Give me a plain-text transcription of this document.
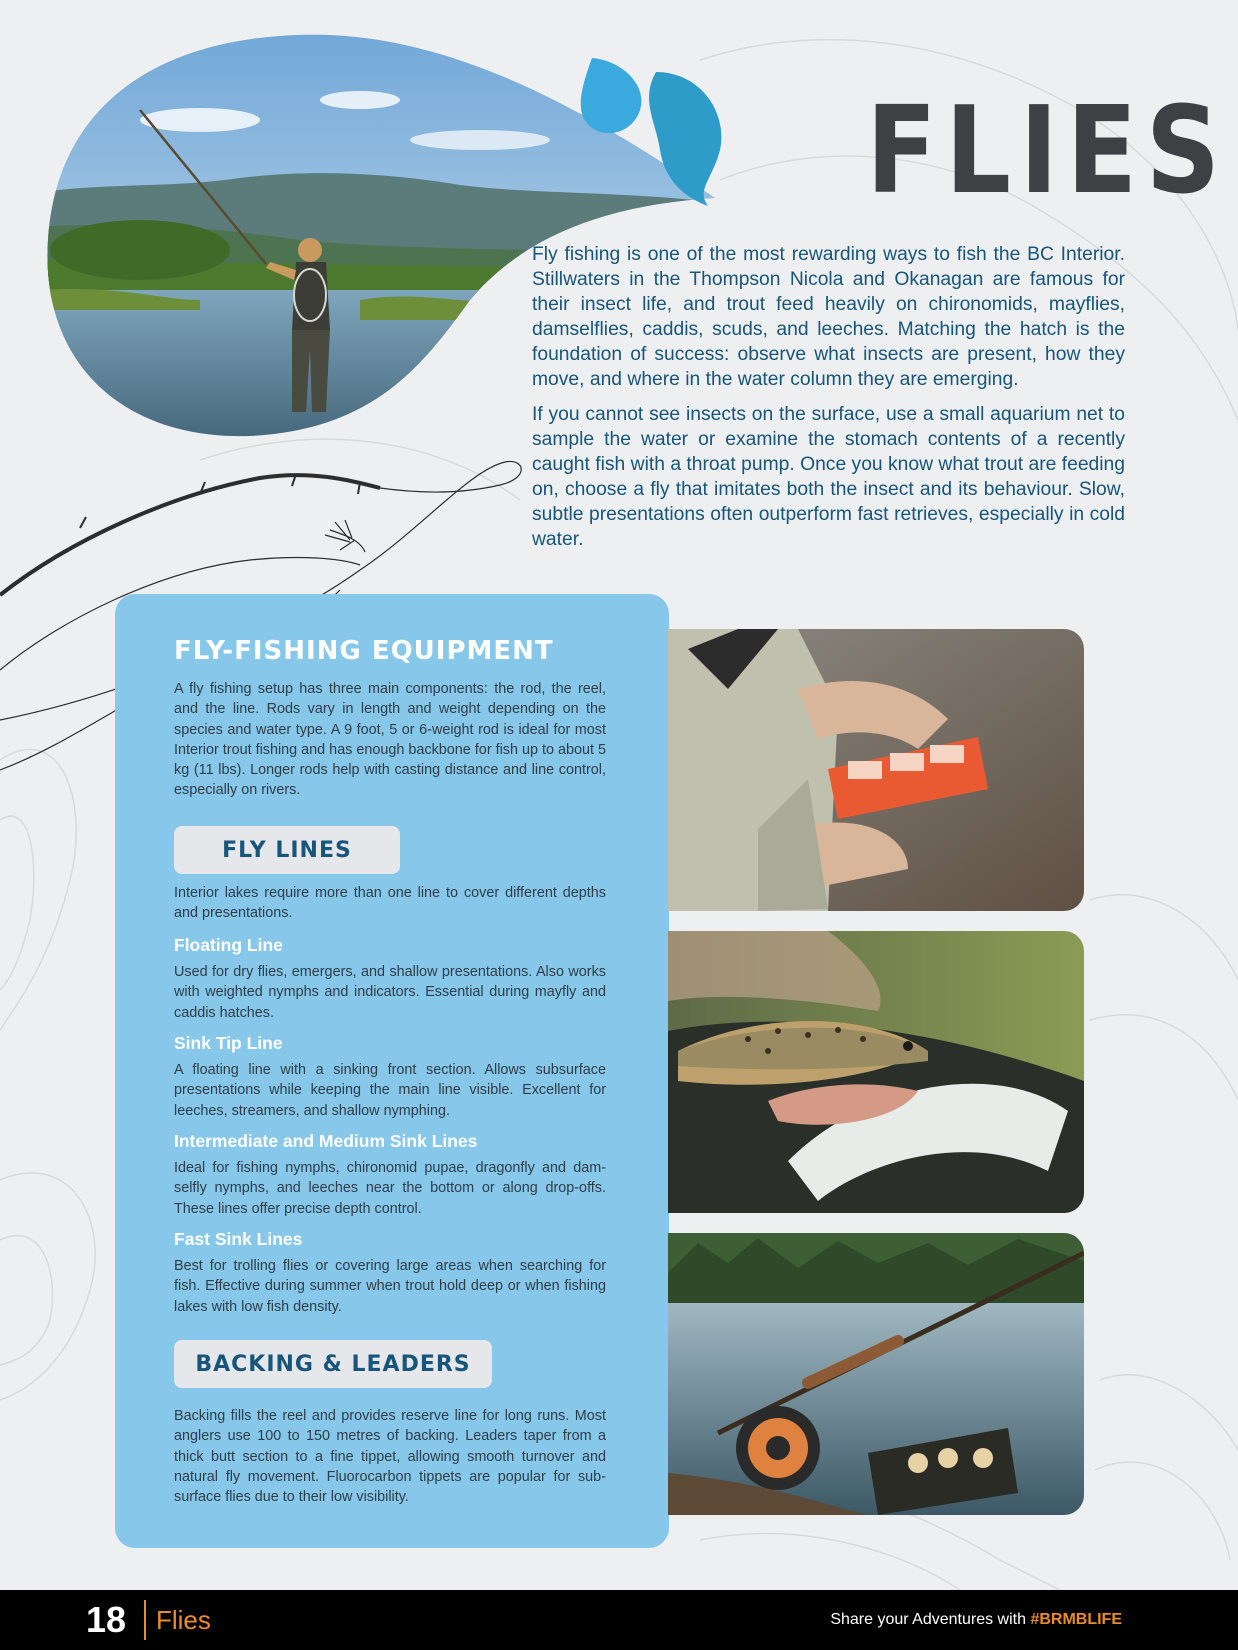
FLIES

Fly fishing is one of the most rewarding ways to fish the BC Interior. Stillwaters in the Thompson Nicola and Okanagan are famous for their insect life, and trout feed heavily on chironomids, mayflies, damselflies, caddis, scuds, and leeches. Matching the hatch is the foundation of success: observe what insects are present, how they move, and where in the water column they are emerging.

If you cannot see insects on the surface, use a small aquarium net to sample the water or examine the stomach contents of a recently caught fish with a throat pump. Once you know what trout are feeding on, choose a fly that imitates both the insect and its behaviour. Slow, subtle presentations often outperform fast retrieves, especially in cold water.

FLY-FISHING EQUIPMENT

A fly fishing setup has three main components: the rod, the reel, and the line. Rods vary in length and weight depending on the species and water type. A 9 foot, 5 or 6-weight rod is ideal for most Interior trout fishing and has enough backbone for fish up to about 5 kg (11 lbs). Longer rods help with casting distance and line control, especially on rivers.

FLY LINES

Interior lakes require more than one line to cover different depths and presentations.

Floating Line

Used for dry flies, emergers, and shallow presentations. Also works with weighted nymphs and indicators. Essential during mayfly and caddis hatches.

Sink Tip Line

A floating line with a sinking front section. Allows subsurface presentations while keeping the main line visible. Excellent for leeches, streamers, and shallow nymphing.

Intermediate and Medium Sink Lines

Ideal for fishing nymphs, chironomid pupae, dragonfly and damselfly nymphs, and leeches near the bottom or along drop-offs. These lines offer precise depth control.

Fast Sink Lines

Best for trolling flies or covering large areas when searching for fish. Effective during summer when trout hold deep or when fishing lakes with low fish density.

BACKING & LEADERS

Backing fills the reel and provides reserve line for long runs. Most anglers use 100 to 150 metres of backing. Leaders taper from a thick butt section to a fine tippet, allowing smooth turnover and natural fly movement. Fluorocarbon tippets are popular for subsurface flies due to their low visibility.

18 Flies	Share your Adventures with #BRMBLIFE
